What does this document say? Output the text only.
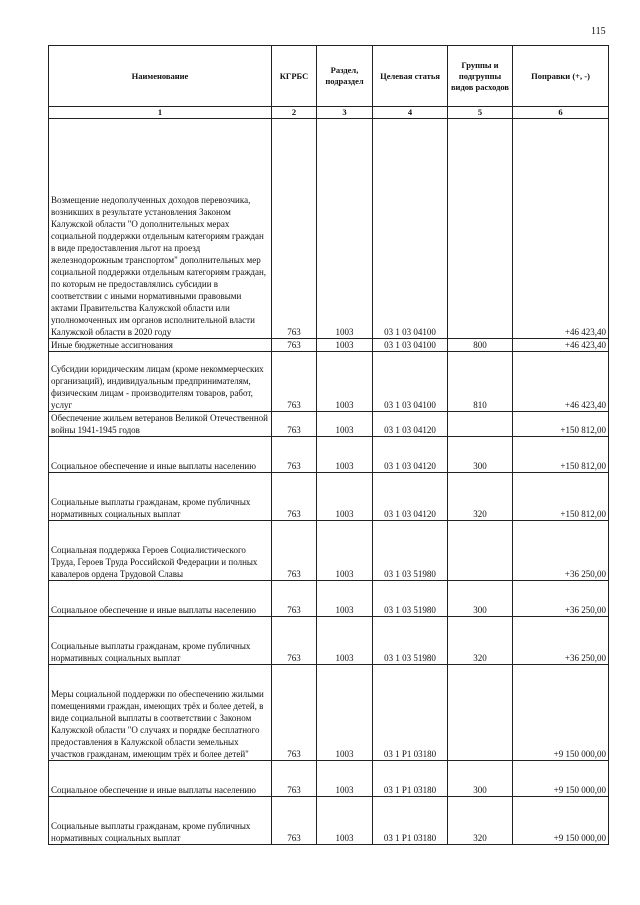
115
Наименование	КГРБС	Раздел, подраздел	Целевая статья	Группы и подгруппы видов расходов	Поправки (+, -)
1	2	3	4	5	6
Возмещение недополученных доходов перевозчика, возникших в результате установления Законом Калужской области "О дополнительных мерах социальной поддержки отдельным категориям граждан в виде предоставления льгот на проезд железнодорожным транспортом" дополнительных мер социальной поддержки отдельным категориям граждан, по которым не предоставлялись субсидии в соответствии с иными нормативными правовыми актами Правительства Калужской области или уполномоченных им органов исполнительной власти Калужской области в 2020 году	763	1003	03 1 03 04100		+46 423,40
Иные бюджетные ассигнования	763	1003	03 1 03 04100	800	+46 423,40
Субсидии юридическим лицам (кроме некоммерческих организаций), индивидуальным предпринимателям, физическим лицам - производителям товаров, работ, услуг	763	1003	03 1 03 04100	810	+46 423,40
Обеспечение жильем ветеранов Великой Отечественной войны 1941-1945 годов	763	1003	03 1 03 04120		+150 812,00
Социальное обеспечение и иные выплаты населению	763	1003	03 1 03 04120	300	+150 812,00
Социальные выплаты гражданам, кроме публичных нормативных социальных выплат	763	1003	03 1 03 04120	320	+150 812,00
Социальная поддержка Героев Социалистического Труда, Героев Труда Российской Федерации и полных кавалеров ордена Трудовой Славы	763	1003	03 1 03 51980		+36 250,00
Социальное обеспечение и иные выплаты населению	763	1003	03 1 03 51980	300	+36 250,00
Социальные выплаты гражданам, кроме публичных нормативных социальных выплат	763	1003	03 1 03 51980	320	+36 250,00
Меры социальной поддержки по обеспечению жилыми помещениями граждан, имеющих трёх и более детей, в виде социальной выплаты в соответствии с Законом Калужской области "О случаях и порядке бесплатного предоставления в Калужской области земельных участков гражданам, имеющим трёх и более детей"	763	1003	03 1 P1 03180		+9 150 000,00
Социальное обеспечение и иные выплаты населению	763	1003	03 1 P1 03180	300	+9 150 000,00
Социальные выплаты гражданам, кроме публичных нормативных социальных выплат	763	1003	03 1 P1 03180	320	+9 150 000,00
